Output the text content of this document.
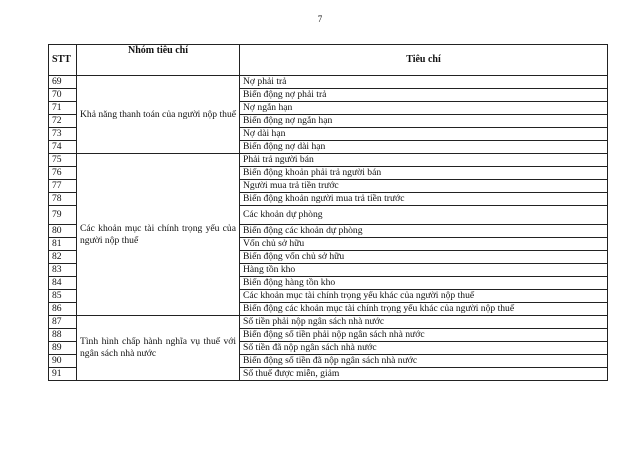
7
STT	Nhóm tiêu chí	Tiêu chí
69	Khả năng thanh toán của người nộp thuế	Nợ phải trả
70		Biến động nợ phải trả
71		Nợ ngắn hạn
72		Biến động nợ ngắn hạn
73		Nợ dài hạn
74		Biến động nợ dài hạn
75	Các khoản mục tài chính trọng yếu của người nộp thuế	Phải trả người bán
76		Biến động khoản phải trả người bán
77		Người mua trả tiền trước
78		Biến động khoản người mua trả tiền trước
79		Các khoản dự phòng
80		Biến động các khoản dự phòng
81		Vốn chủ sở hữu
82		Biến động vốn chủ sở hữu
83		Hàng tồn kho
84		Biến động hàng tồn kho
85		Các khoản mục tài chính trọng yếu khác của người nộp thuế
86		Biến động các khoản mục tài chính trọng yếu khác của người nộp thuế
87	Tình hình chấp hành nghĩa vụ thuế với ngân sách nhà nước	Số tiền phải nộp ngân sách nhà nước
88		Biến động số tiền phải nộp ngân sách nhà nước
89		Số tiền đã nộp ngân sách nhà nước
90		Biến động số tiền đã nộp ngân sách nhà nước
91		Số thuế được miễn, giảm
